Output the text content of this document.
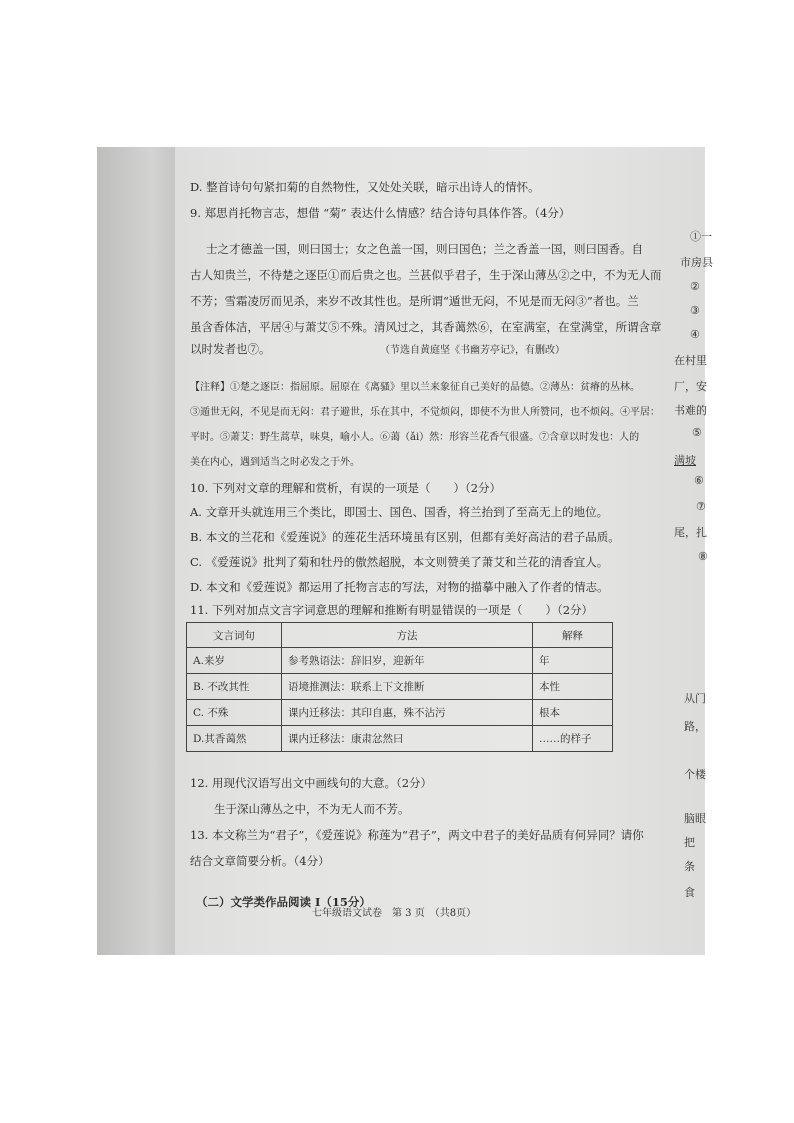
D. 整首诗句句紧扣菊的自然物性，又处处关联，暗示出诗人的情怀。
9. 郑思肖托物言志，想借 “菊” 表达什么情感？结合诗句具体作答。（4分）
士之才德盖一国，则曰国士；女之色盖一国，则曰国色；兰之香盖一国，则曰国香。自
古人知贵兰，不待楚之逐臣①而后贵之也。兰甚似乎君子，生于深山薄丛②之中，不为无人而
不芳；雪霜凌厉而见杀，来岁不改其性也。是所谓“遁世无闷，不见是而无闷③”者也。兰
虽含香体洁，平居④与萧艾⑤不殊。清风过之，其香蔼然⑥，在室满室，在堂满堂，所谓含章
以时发者也⑦。	（节选自黄庭坚《书幽芳亭记》，有删改）
【注释】①楚之逐臣：指屈原。屈原在《离骚》里以兰来象征自己美好的品德。②薄丛：贫瘠的丛林。
③遁世无闷，不见是而无闷：君子避世，乐在其中，不觉烦闷，即使不为世人所赞同，也不烦闷。④平居：
平时。⑤萧艾：野生蒿草，味臭，喻小人。⑥蔼（ǎi）然：形容兰花香气很盛。⑦含章以时发也：人的
美在内心，遇到适当之时必发之于外。
10. 下列对文章的理解和赏析，有误的一项是（　　）（2分）
A. 文章开头就连用三个类比，即国士、国色、国香，将兰抬到了至高无上的地位。
B. 本文的兰花和《爱莲说》的莲花生活环境虽有区别，但都有美好高洁的君子品质。
C. 《爱莲说》批判了菊和牡丹的傲然超脱，本文则赞美了萧艾和兰花的清香宜人。
D. 本文和《爱莲说》都运用了托物言志的写法，对物的描摹中融入了作者的情志。
11. 下列对加点文言字词意思的理解和推断有明显错误的一项是（　　）（2分）
文言词句	方法	解释
A.来岁	参考熟语法：辞旧岁，迎新年	年
B. 不改其性	语境推测法：联系上下文推断	本性
C. 不殊	课内迁移法：其印自惠，殊不沾污	根本
D.其香蔼然	课内迁移法：康肃忿然曰	……的样子
12. 用现代汉语写出文中画线句的大意。（2分）
生于深山薄丛之中，不为无人而不芳。
13. 本文称兰为“君子”，《爱莲说》称莲为“君子”，两文中君子的美好品质有何异同？请你
结合文章简要分析。（4分）
（二）文学类作品阅读 Ⅰ（15分）
七年级语文试卷　第 3 页　（共8页）
①一
市房县
②
③
④
在村里
厂，安
书难的
⑤
满坡
⑥
⑦
尾，扎
⑧
从门
路，
个楼
脑眼
把
条
食
